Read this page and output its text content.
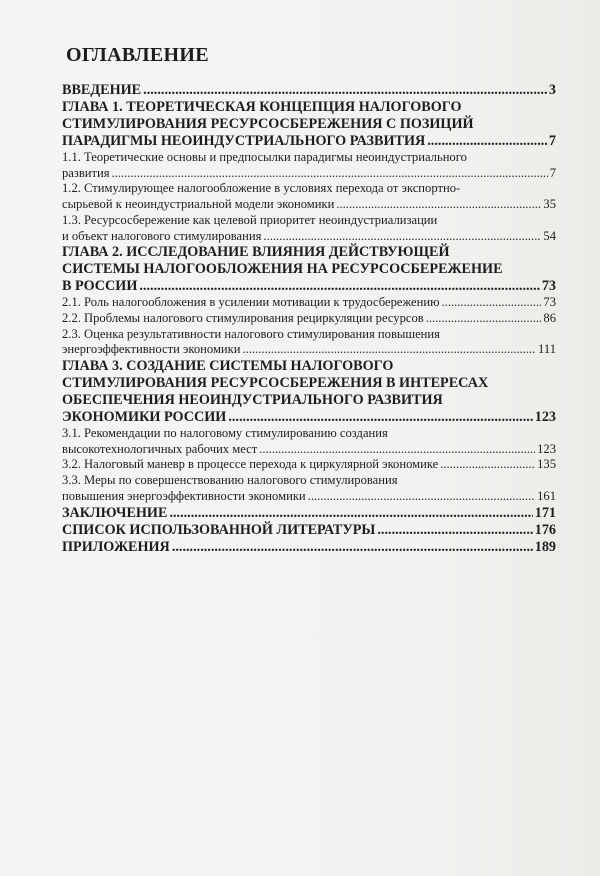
ОГЛАВЛЕНИЕ
ВВЕДЕНИЕ .....	3
ГЛАВА 1. ТЕОРЕТИЧЕСКАЯ КОНЦЕПЦИЯ НАЛОГОВОГО
СТИМУЛИРОВАНИЯ РЕСУРСОСБЕРЕЖЕНИЯ С ПОЗИЦИЙ
ПАРАДИГМЫ НЕОИНДУСТРИАЛЬНОГО РАЗВИТИЯ .....	7
1.1. Теоретические основы и предпосылки парадигмы неоиндустриального
развития .....	7
1.2. Стимулирующее налогообложение в условиях перехода от экспортно-
сырьевой к неоиндустриальной модели экономики .....	35
1.3. Ресурсосбережение как целевой приоритет неоиндустриализации
и объект налогового стимулирования .....	54
ГЛАВА 2. ИССЛЕДОВАНИЕ ВЛИЯНИЯ ДЕЙСТВУЮЩЕЙ
СИСТЕМЫ НАЛОГООБЛОЖЕНИЯ НА РЕСУРСОСБЕРЕЖЕНИЕ
В РОССИИ .....	73
2.1. Роль налогообложения в усилении мотивации к трудосбережению .....	73
2.2. Проблемы налогового стимулирования рециркуляции ресурсов .....	86
2.3. Оценка результативности налогового стимулирования повышения
энергоэффективности экономики .....	111
ГЛАВА 3. СОЗДАНИЕ СИСТЕМЫ НАЛОГОВОГО
СТИМУЛИРОВАНИЯ РЕСУРСОСБЕРЕЖЕНИЯ В ИНТЕРЕСАХ
ОБЕСПЕЧЕНИЯ НЕОИНДУСТРИАЛЬНОГО РАЗВИТИЯ
ЭКОНОМИКИ РОССИИ .....	123
3.1. Рекомендации по налоговому стимулированию создания
высокотехнологичных рабочих мест .....	123
3.2. Налоговый маневр в процессе перехода к циркулярной экономике .....	135
3.3. Меры по совершенствованию налогового стимулирования
повышения энергоэффективности экономики .....	161
ЗАКЛЮЧЕНИЕ .....	171
СПИСОК ИСПОЛЬЗОВАННОЙ ЛИТЕРАТУРЫ .....	176
ПРИЛОЖЕНИЯ .....	189
